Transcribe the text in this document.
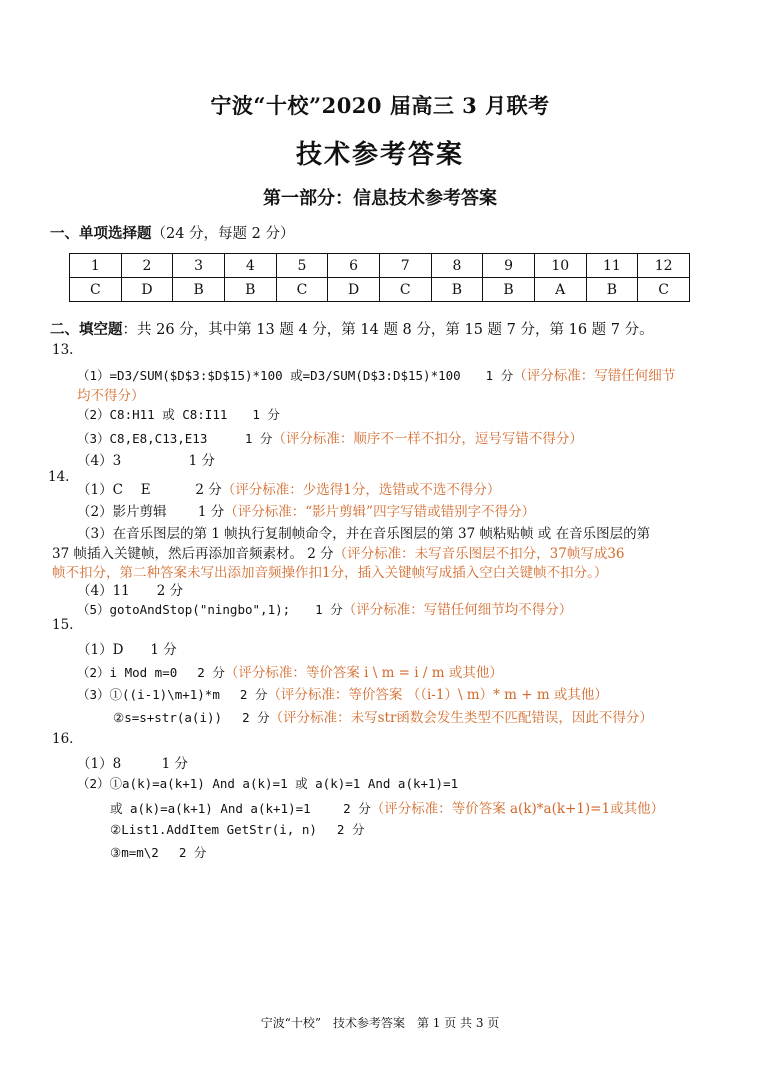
宁波“十校”2020 届高三 3 月联考
技术参考答案
第一部分：信息技术参考答案
一、单项选择题（24 分，每题 2 分）
1	2	3	4	5	6	7	8	9	10	11	12
C	D	B	B	C	D	C	B	B	A	B	C
二、填空题：共 26 分，其中第 13 题 4 分，第 14 题 8 分，第 15 题 7 分，第 16 题 7 分。
13.
（1）=D3/SUM($D$3:$D$15)*100 或=D3/SUM(D$3:D$15)*100　　1 分（评分标准：写错任何细节
均不得分）
（2）C8:H11 或 C8:I11　　1 分
（3）C8,E8,C13,E13　　　1 分（评分标准：顺序不一样不扣分，逗号写错不得分）
（4）3　　　　　1 分
14.
（1）C　 E　　　 2 分（评分标准：少选得1分，选错或不选不得分）
（2）影片剪辑　　 1 分（评分标准：“影片剪辑”四字写错或错别字不得分）
（3）在音乐图层的第 1 帧执行复制帧命令，并在音乐图层的第 37 帧粘贴帧 或 在音乐图层的第
37 帧插入关键帧，然后再添加音频素材。 2 分（评分标准：未写音乐图层不扣分，37帧写成36
帧不扣分，第二种答案未写出添加音频操作扣1分，插入关键帧写成插入空白关键帧不扣分。）
（4）11　　2 分
（5）gotoAndStop("ningbo",1);　　1 分（评分标准：写错任何细节均不得分）
15.
（1）D　　1 分
（2）i Mod m=0　 2 分（评分标准：等价答案 i \ m = i / m 或其他）
（3）①((i-1)\m+1)*m　 2 分（评分标准：等价答案 （（i-1）\ m）* m + m 或其他）
②s=s+str(a(i))　 2 分（评分标准：未写str函数会发生类型不匹配错误，因此不得分）
16.
（1）8　　　1 分
（2）①a(k)=a(k+1) And a(k)=1 或 a(k)=1 And a(k+1)=1
或 a(k)=a(k+1) And a(k+1)=1　　 2 分（评分标准：等价答案 a(k)*a(k+1)=1或其他）
②List1.AddItem GetStr(i, n)　 2 分
③m=m\2　 2 分
宁波“十校”　技术参考答案　第 1 页 共 3 页
